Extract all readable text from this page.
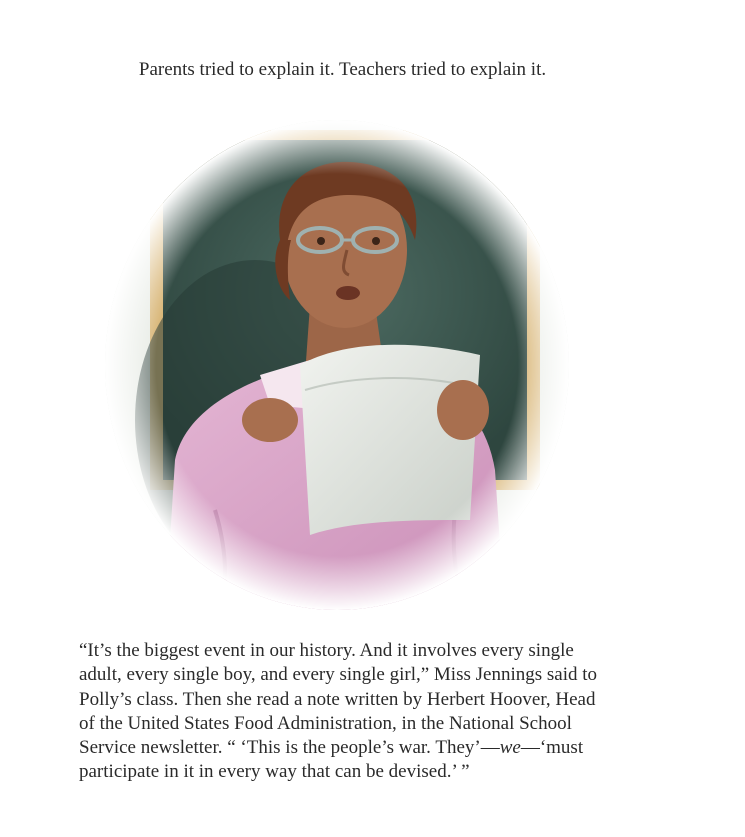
Parents tried to explain it. Teachers tried to explain it.

“It’s the biggest event in our history. And it involves every single

adult, every single boy, and every single girl,” Miss Jennings said to

Polly’s class. Then she read a note written by Herbert Hoover, Head

of the United States Food Administration, in the National School

Service newsletter. “ ‘This is the people’s war. They’—we—‘must

participate in it in every way that can be devised.’ ”
